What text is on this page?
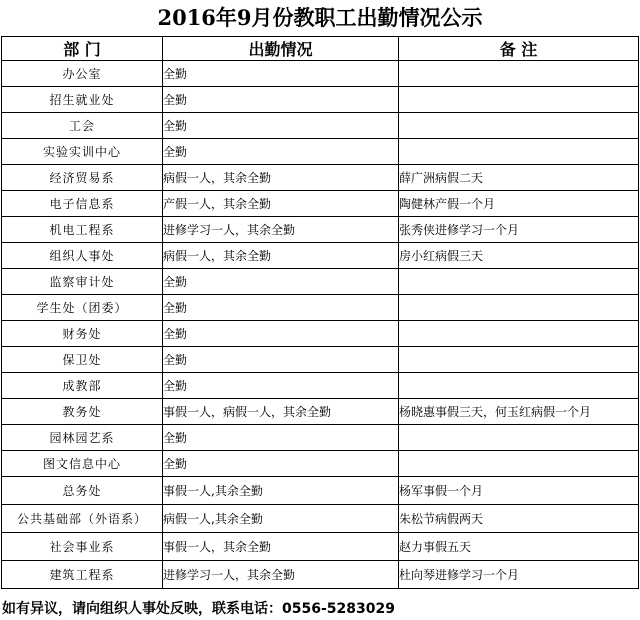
2016年9月份教职工出勤情况公示
部 门	出勤情况	备 注
办公室	全勤	
招生就业处	全勤	
工会	全勤	
实验实训中心	全勤	
经济贸易系	病假一人，其余全勤	薛广洲病假二天
电子信息系	产假一人，其余全勤	陶健林产假一个月
机电工程系	进修学习一人，其余全勤	张秀侠进修学习一个月
组织人事处	病假一人，其余全勤	房小红病假三天
监察审计处	全勤	
学生处（团委）	全勤	
财务处	全勤	
保卫处	全勤	
成教部	全勤	
教务处	事假一人，病假一人，其余全勤	杨晓惠事假三天，何玉红病假一个月
园林园艺系	全勤	
图文信息中心	全勤	
总务处	事假一人,其余全勤	杨军事假一个月
公共基础部（外语系）	病假一人,其余全勤	朱松节病假两天
社会事业系	事假一人，其余全勤	赵力事假五天
建筑工程系	进修学习一人，其余全勤	杜向琴进修学习一个月
如有异议，请向组织人事处反映，联系电话：0556-5283029
